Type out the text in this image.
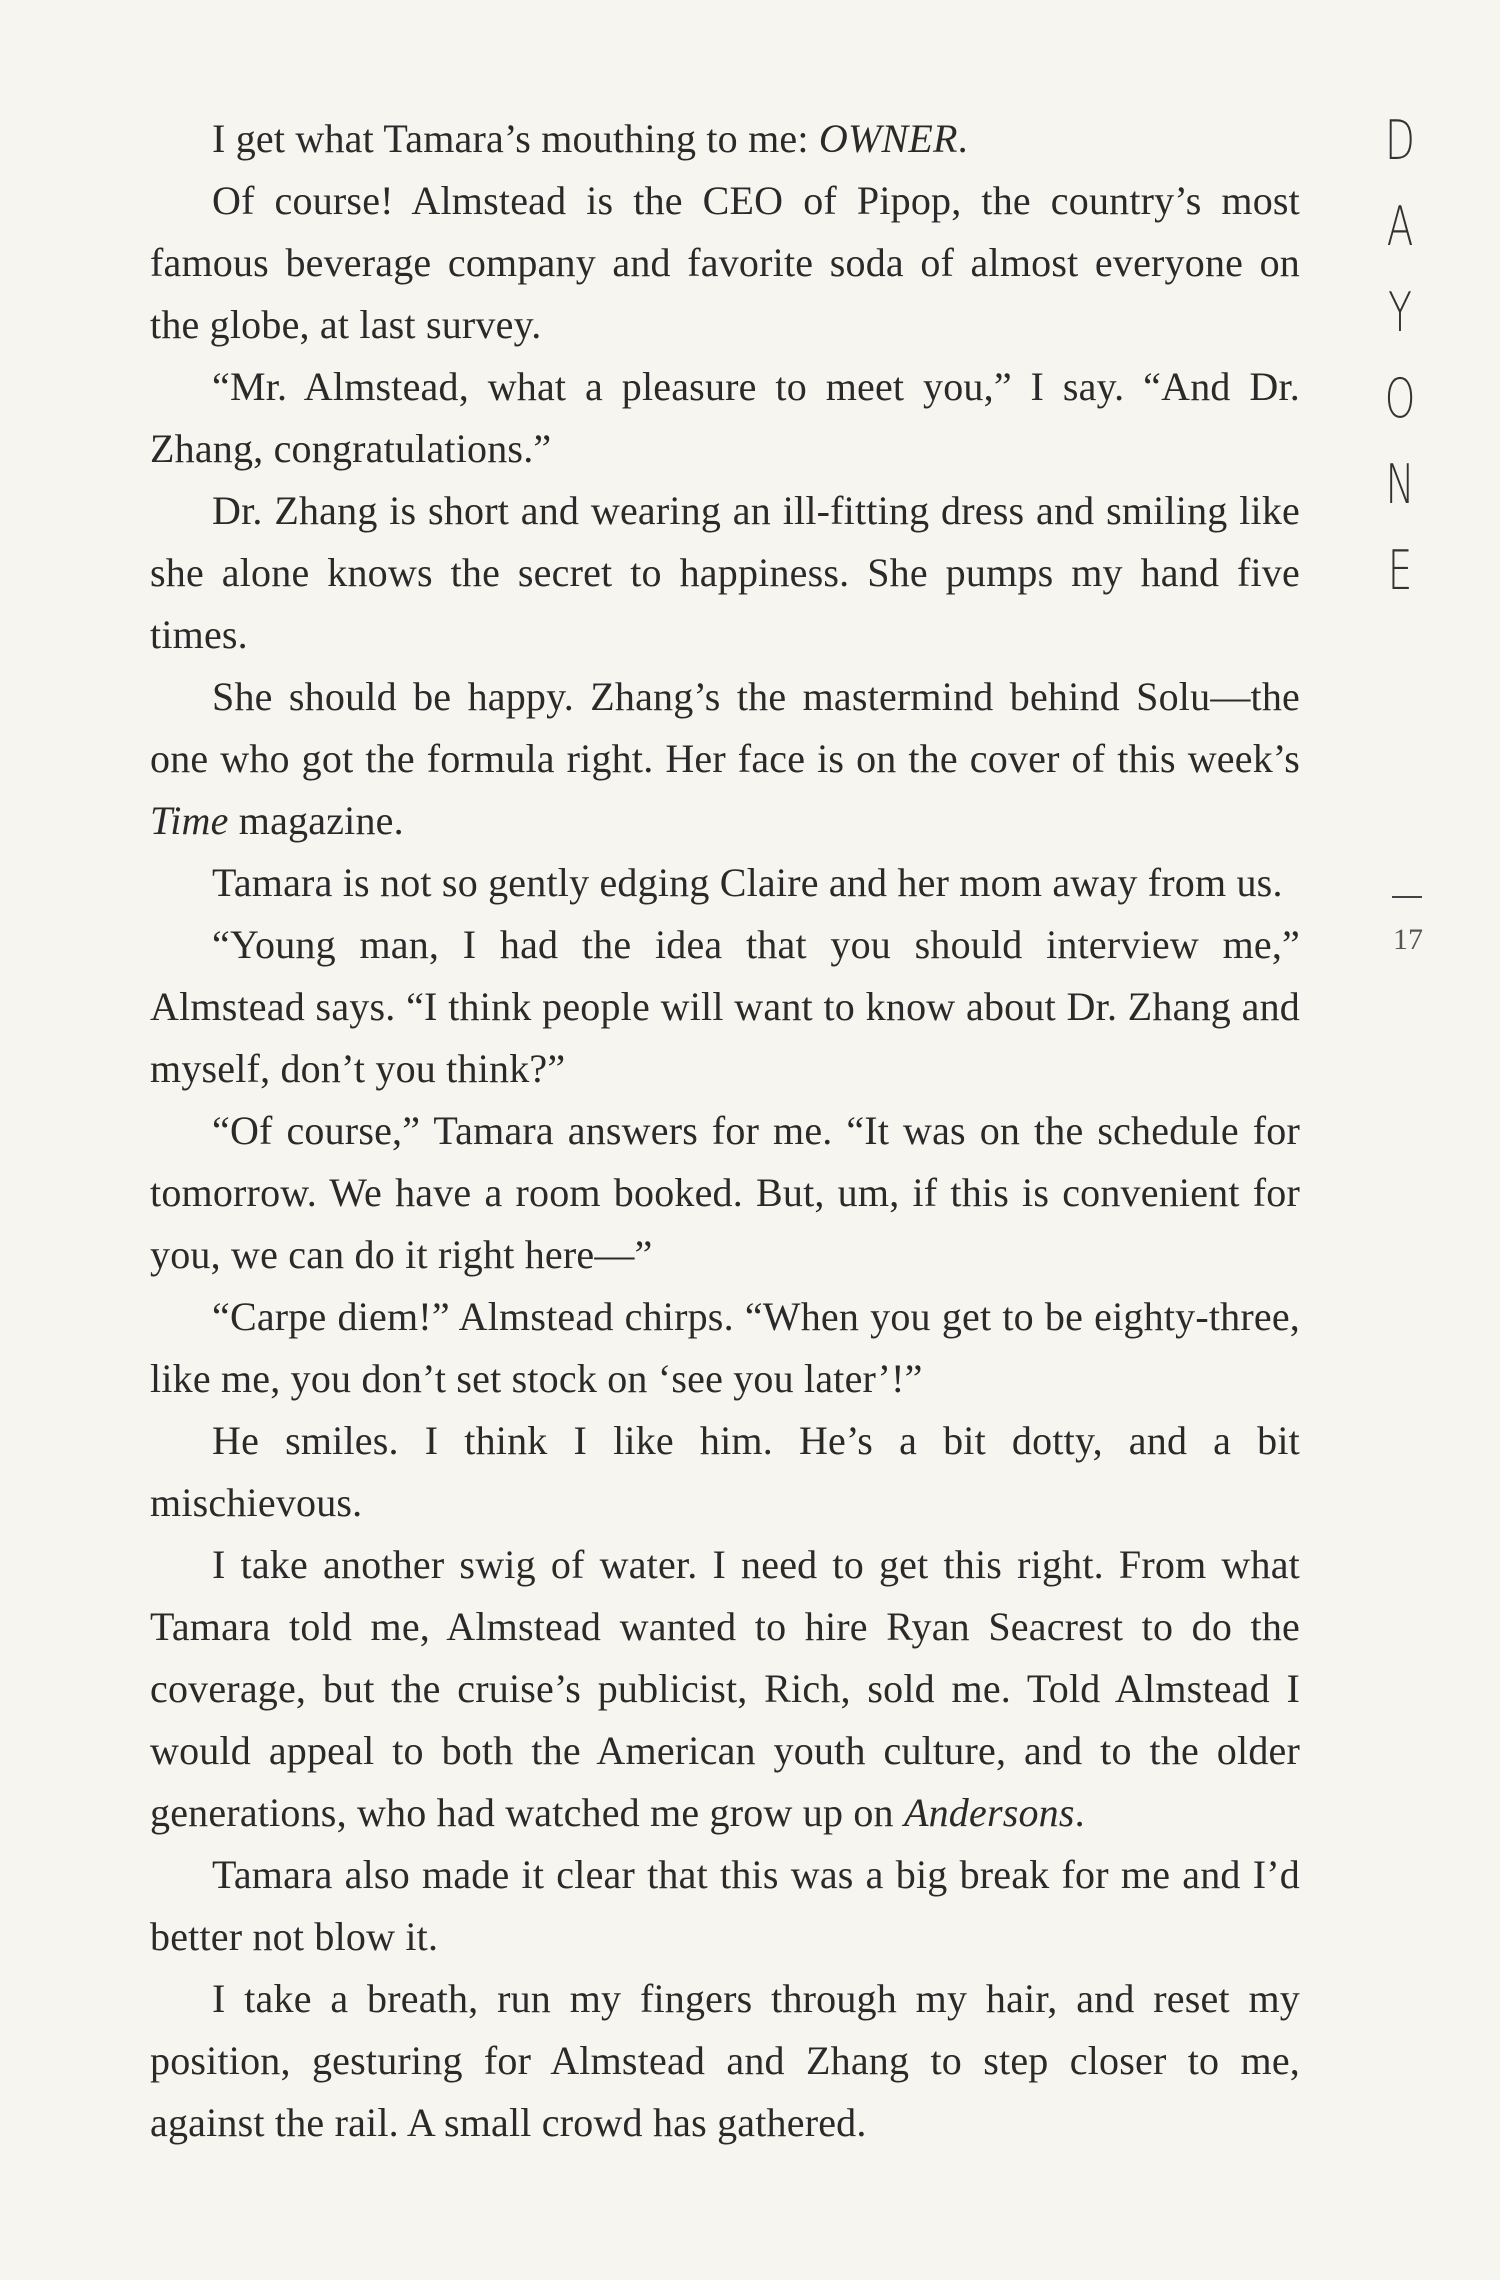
I get what Tamara’s mouthing to me: OWNER.

Of course! Almstead is the CEO of Pipop, the country’s most famous beverage company and favorite soda of almost everyone on the globe, at last survey.

“Mr. Almstead, what a pleasure to meet you,” I say. “And Dr. Zhang, congratulations.”

Dr. Zhang is short and wearing an ill-fitting dress and smiling like she alone knows the secret to happiness. She pumps my hand five times.

She should be happy. Zhang’s the mastermind behind Solu—the one who got the formula right. Her face is on the cover of this week’s Time magazine.

Tamara is not so gently edging Claire and her mom away from us.

“Young man, I had the idea that you should interview me,” Almstead says. “I think people will want to know about Dr. Zhang and myself, don’t you think?”

“Of course,” Tamara answers for me. “It was on the schedule for tomorrow. We have a room booked. But, um, if this is convenient for you, we can do it right here—”

“Carpe diem!” Almstead chirps. “When you get to be eighty-three, like me, you don’t set stock on ‘see you later’!”

He smiles. I think I like him. He’s a bit dotty, and a bit mischievous.

I take another swig of water. I need to get this right. From what Tamara told me, Almstead wanted to hire Ryan Seacrest to do the coverage, but the cruise’s publicist, Rich, sold me. Told Almstead I would appeal to both the American youth culture, and to the older generations, who had watched me grow up on Andersons.

Tamara also made it clear that this was a big break for me and I’d better not blow it.

I take a breath, run my fingers through my hair, and reset my position, gesturing for Almstead and Zhang to step closer to me, against the rail. A small crowd has gathered.

D
A
Y
O
N
E
17
